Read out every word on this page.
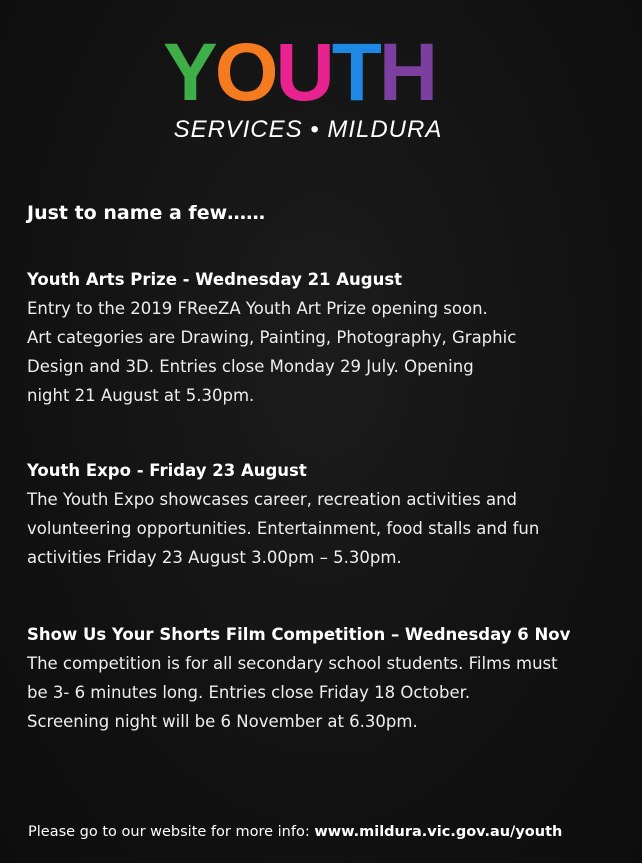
YOUTH
SERVICES • MILDURA
Just to name a few……
Youth Arts Prize - Wednesday 21 August
Entry to the 2019 FReeZA Youth Art Prize opening soon.
Art categories are Drawing, Painting, Photography, Graphic
Design and 3D. Entries close Monday 29 July. Opening
night 21 August at 5.30pm.
Youth Expo - Friday 23 August
The Youth Expo showcases career, recreation activities and
volunteering opportunities. Entertainment, food stalls and fun
activities Friday 23 August 3.00pm – 5.30pm.
Show Us Your Shorts Film Competition – Wednesday 6 Nov
The competition is for all secondary school students. Films must
be 3- 6 minutes long. Entries close Friday 18 October.
Screening night will be 6 November at 6.30pm.
Please go to our website for more info: www.mildura.vic.gov.au/youth
